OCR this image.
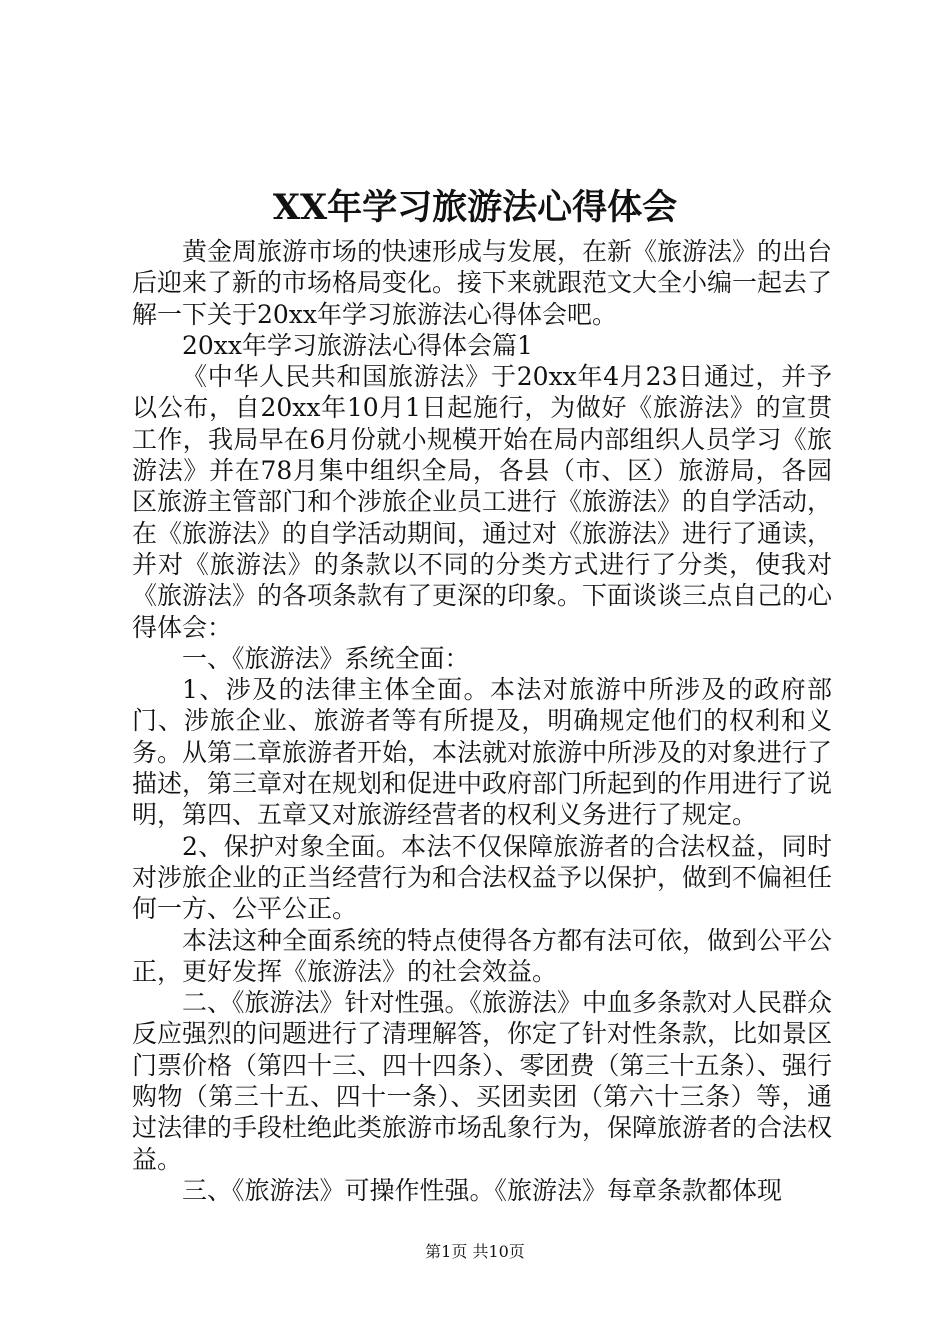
XX年学习旅游法心得体会

黄金周旅游市场的快速形成与发展，在新《旅游法》的出台后迎来了新的市场格局变化。接下来就跟范文大全小编一起去了解一下关于20xx年学习旅游法心得体会吧。

20xx年学习旅游法心得体会篇1

《中华人民共和国旅游法》于20xx年4月23日通过，并予以公布，自20xx年10月1日起施行，为做好《旅游法》的宣贯工作，我局早在6月份就小规模开始在局内部组织人员学习《旅游法》并在78月集中组织全局，各县（市、区）旅游局，各园区旅游主管部门和个涉旅企业员工进行《旅游法》的自学活动，在《旅游法》的自学活动期间，通过对《旅游法》进行了通读，并对《旅游法》的条款以不同的分类方式进行了分类，使我对《旅游法》的各项条款有了更深的印象。下面谈谈三点自己的心得体会：

一、《旅游法》系统全面：

1、涉及的法律主体全面。本法对旅游中所涉及的政府部门、涉旅企业、旅游者等有所提及，明确规定他们的权利和义务。从第二章旅游者开始，本法就对旅游中所涉及的对象进行了描述，第三章对在规划和促进中政府部门所起到的作用进行了说明，第四、五章又对旅游经营者的权利义务进行了规定。

2、保护对象全面。本法不仅保障旅游者的合法权益，同时对涉旅企业的正当经营行为和合法权益予以保护，做到不偏袒任何一方、公平公正。

本法这种全面系统的特点使得各方都有法可依，做到公平公正，更好发挥《旅游法》的社会效益。

二、《旅游法》针对性强。《旅游法》中血多条款对人民群众反应强烈的问题进行了清理解答，你定了针对性条款，比如景区门票价格（第四十三、四十四条）、零团费（第三十五条）、强行购物（第三十五、四十一条）、买团卖团（第六十三条）等，通过法律的手段杜绝此类旅游市场乱象行为，保障旅游者的合法权益。

三、《旅游法》可操作性强。《旅游法》每章条款都体现

第1页 共10页
